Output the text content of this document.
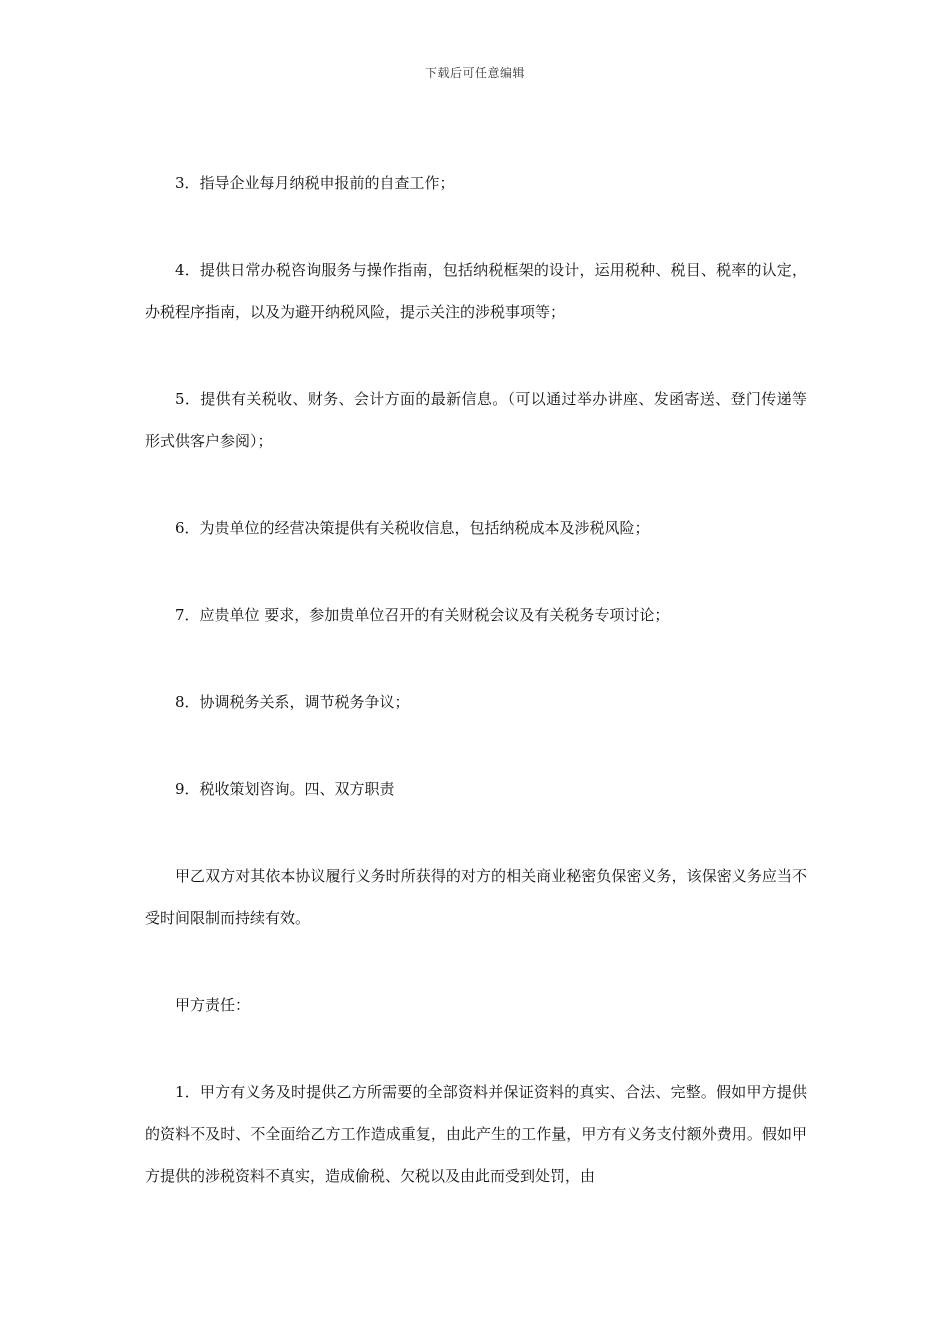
下载后可任意编辑

3．指导企业每月纳税申报前的自查工作；

4．提供日常办税咨询服务与操作指南，包括纳税框架的设计，运用税种、税目、税率的认定，办税程序指南，以及为避开纳税风险，提示关注的涉税事项等；

5．提供有关税收、财务、会计方面的最新信息。（可以通过举办讲座、发函寄送、登门传递等形式供客户参阅）；

6．为贵单位的经营决策提供有关税收信息，包括纳税成本及涉税风险；

7．应贵单位 要求，参加贵单位召开的有关财税会议及有关税务专项讨论；

8．协调税务关系，调节税务争议；

9．税收策划咨询。四、双方职责

甲乙双方对其依本协议履行义务时所获得的对方的相关商业秘密负保密义务，该保密义务应当不受时间限制而持续有效。

甲方责任：

1．甲方有义务及时提供乙方所需要的全部资料并保证资料的真实、合法、完整。假如甲方提供的资料不及时、不全面给乙方工作造成重复，由此产生的工作量，甲方有义务支付额外费用。假如甲方提供的涉税资料不真实，造成偷税、欠税以及由此而受到处罚，由
